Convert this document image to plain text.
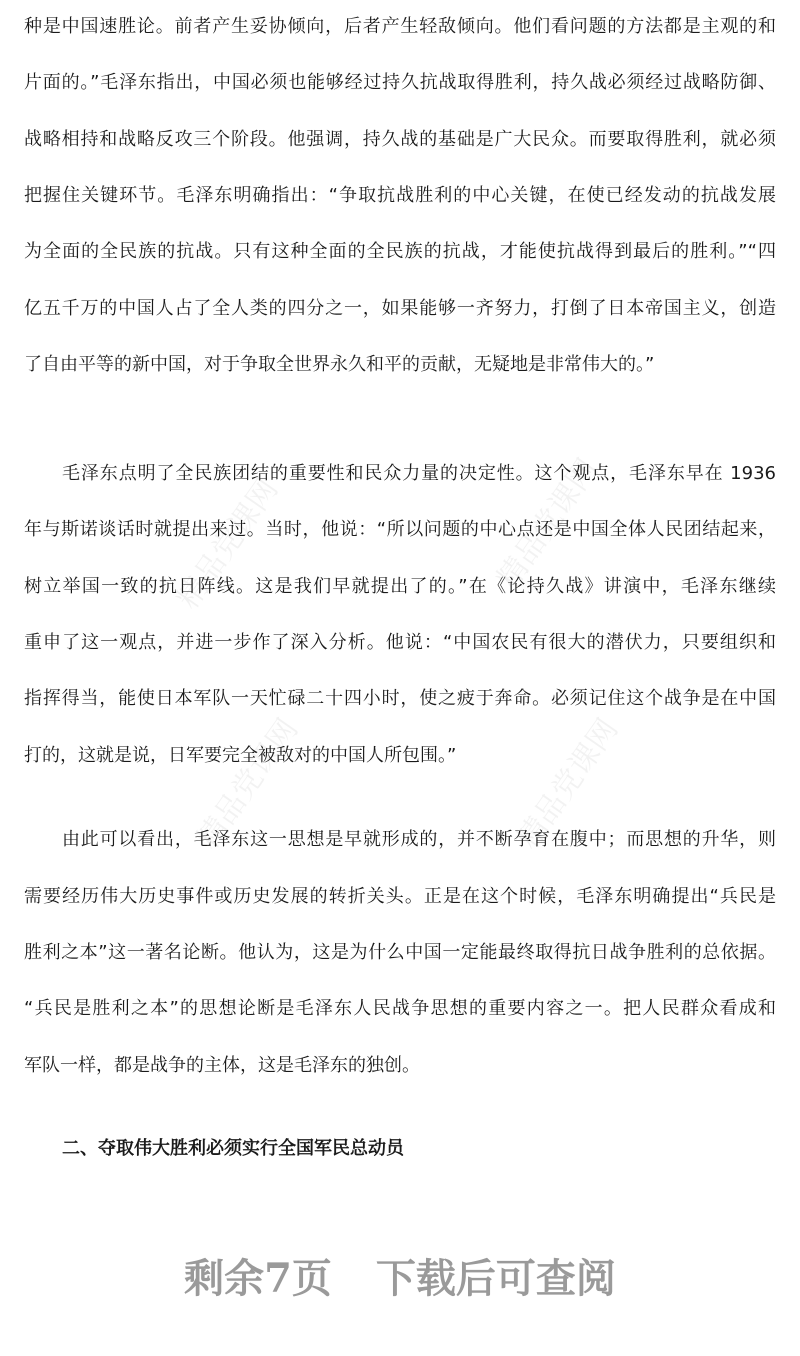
精品党课网	精品党课网
精品党课网	精品党课网
种是中国速胜论。前者产生妥协倾向，后者产生轻敌倾向。他们看问题的方法都是主观的和
片面的。”毛泽东指出，中国必须也能够经过持久抗战取得胜利，持久战必须经过战略防御、
战略相持和战略反攻三个阶段。他强调，持久战的基础是广大民众。而要取得胜利，就必须
把握住关键环节。毛泽东明确指出：“争取抗战胜利的中心关键，在使已经发动的抗战发展
为全面的全民族的抗战。只有这种全面的全民族的抗战，才能使抗战得到最后的胜利。”“四
亿五千万的中国人占了全人类的四分之一，如果能够一齐努力，打倒了日本帝国主义，创造
了自由平等的新中国，对于争取全世界永久和平的贡献，无疑地是非常伟大的。”
毛泽东点明了全民族团结的重要性和民众力量的决定性。这个观点，毛泽东早在 1936
年与斯诺谈话时就提出来过。当时，他说：“所以问题的中心点还是中国全体人民团结起来，
树立举国一致的抗日阵线。这是我们早就提出了的。”在《论持久战》讲演中，毛泽东继续
重申了这一观点，并进一步作了深入分析。他说：“中国农民有很大的潜伏力，只要组织和
指挥得当，能使日本军队一天忙碌二十四小时，使之疲于奔命。必须记住这个战争是在中国
打的，这就是说，日军要完全被敌对的中国人所包围。”
由此可以看出，毛泽东这一思想是早就形成的，并不断孕育在腹中；而思想的升华，则
需要经历伟大历史事件或历史发展的转折关头。正是在这个时候，毛泽东明确提出“兵民是
胜利之本”这一著名论断。他认为，这是为什么中国一定能最终取得抗日战争胜利的总依据。
“兵民是胜利之本”的思想论断是毛泽东人民战争思想的重要内容之一。把人民群众看成和
军队一样，都是战争的主体，这是毛泽东的独创。
二、夺取伟大胜利必须实行全国军民总动员
剩余7页 下载后可查阅
